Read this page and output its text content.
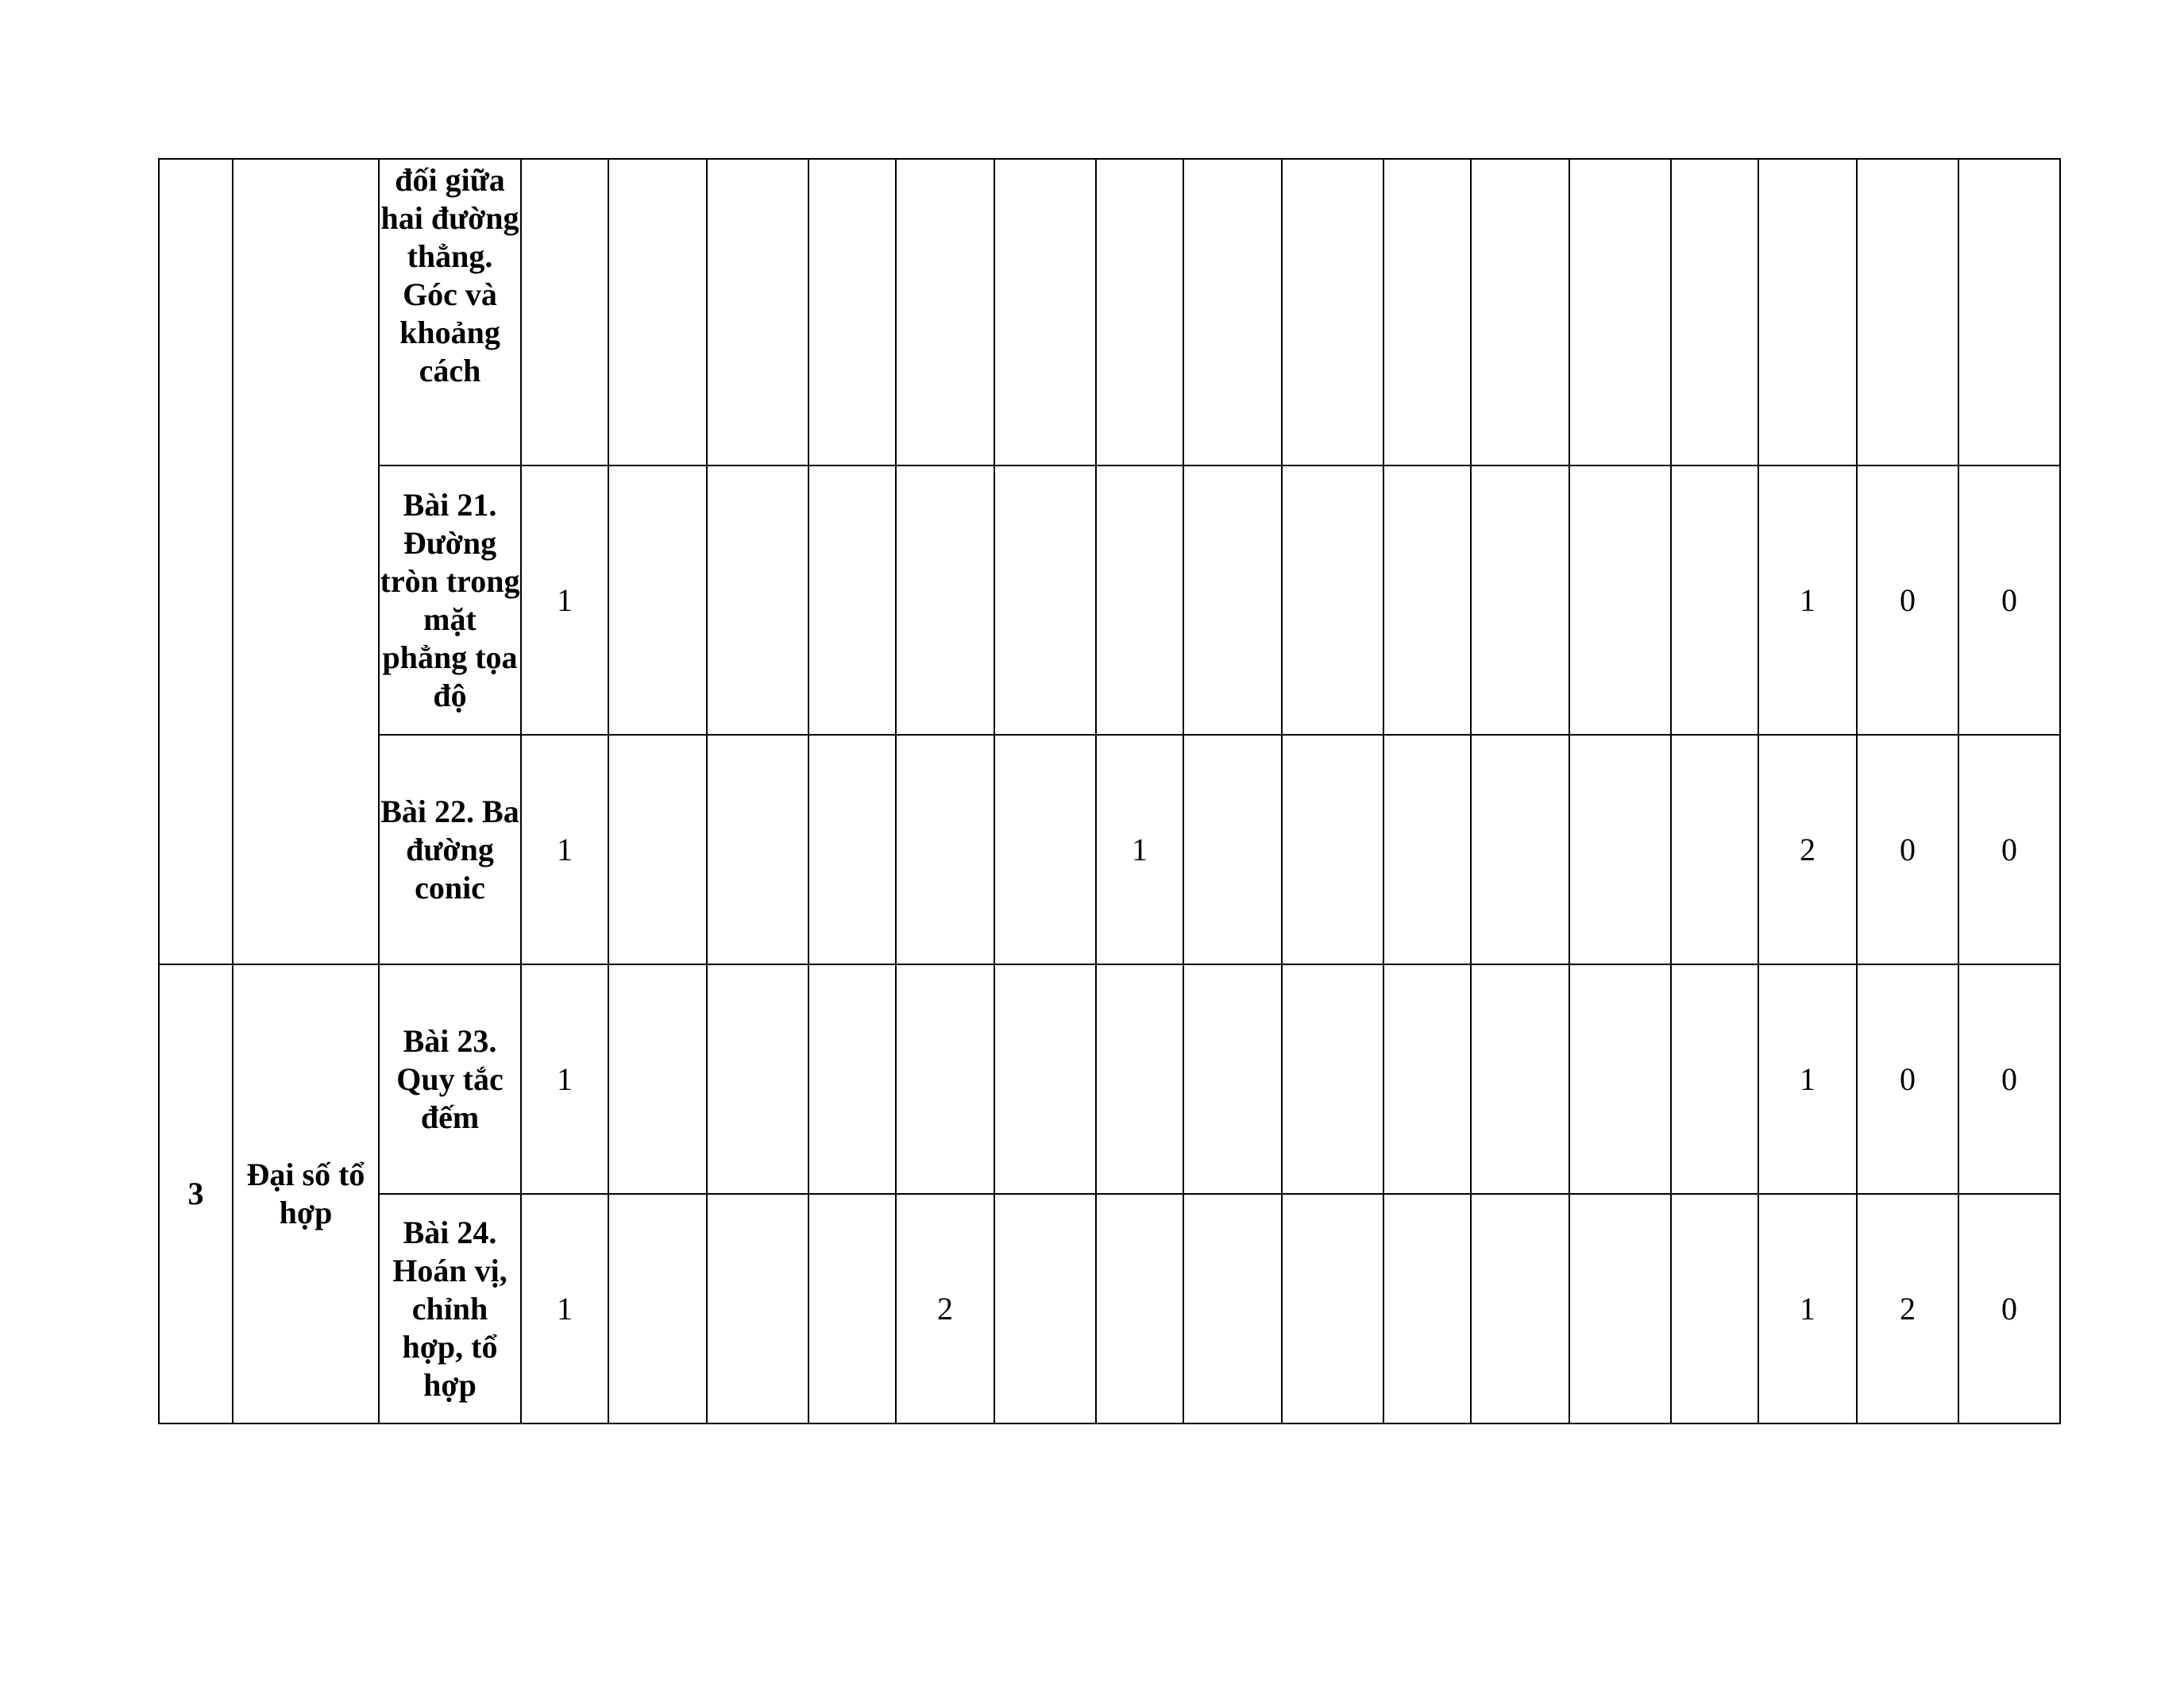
		đối giữa hai đường thẳng. Góc và khoảng cách																	
		Bài 21. Đường tròn trong mặt phẳng tọa độ	1													1	0	0	
		Bài 22. Ba đường conic	1						1							2	0	0	
3	Đại số tổ hợp	Bài 23. Quy tắc đếm	1													1	0	0	
		Bài 24. Hoán vị, chỉnh hợp, tổ hợp	1				2									1	2	0	
